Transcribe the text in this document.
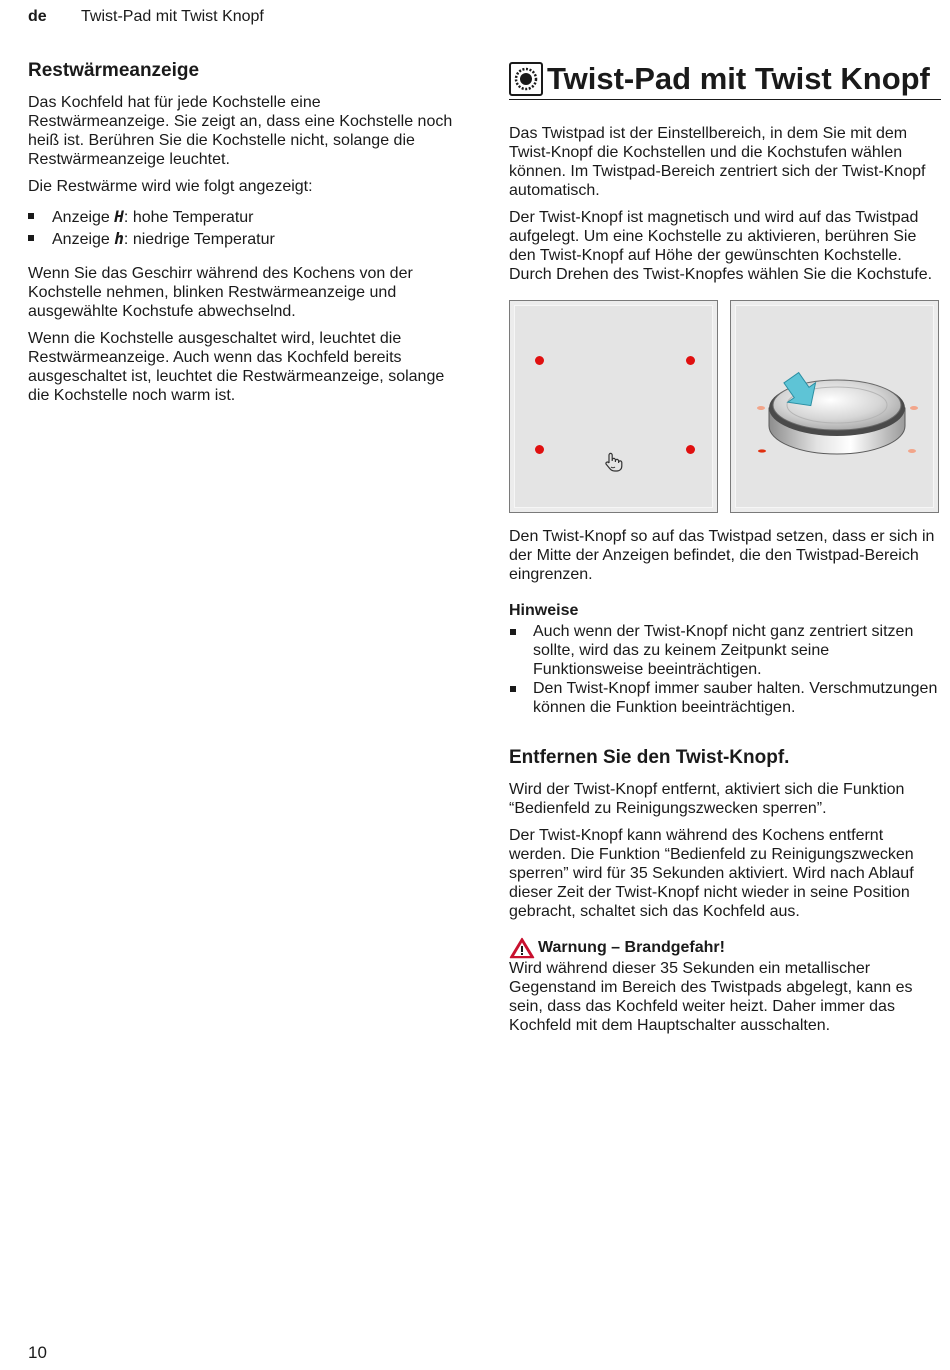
de Twist-Pad mit Twist Knopf
Restwärmeanzeige

Das Kochfeld hat für jede Kochstelle eine Restwärmeanzeige. Sie zeigt an, dass eine Kochstelle noch heiß ist. Berühren Sie die Kochstelle nicht, solange die Restwärmeanzeige leuchtet.

Die Restwärme wird wie folgt angezeigt:

Anzeige H: hohe Temperatur
Anzeige h: niedrige Temperatur

Wenn Sie das Geschirr während des Kochens von der Kochstelle nehmen, blinken Restwärmeanzeige und ausgewählte Kochstufe abwechselnd.

Wenn die Kochstelle ausgeschaltet wird, leuchtet die Restwärmeanzeige. Auch wenn das Kochfeld bereits ausgeschaltet ist, leuchtet die Restwärmeanzeige, solange die Kochstelle noch warm ist.

Twist-Pad mit Twist Knopf

Das Twistpad ist der Einstellbereich, in dem Sie mit dem Twist-Knopf die Kochstellen und die Kochstufen wählen können. Im Twistpad-Bereich zentriert sich der Twist-Knopf automatisch.

Der Twist-Knopf ist magnetisch und wird auf das Twistpad aufgelegt. Um eine Kochstelle zu aktivieren, berühren Sie den Twist-Knopf auf Höhe der gewünschten Kochstelle. Durch Drehen des Twist-Knopfes wählen Sie die Kochstufe.

Den Twist-Knopf so auf das Twistpad setzen, dass er sich in der Mitte der Anzeigen befindet, die den Twistpad-Bereich eingrenzen.

Hinweise
Auch wenn der Twist-Knopf nicht ganz zentriert sitzen sollte, wird das zu keinem Zeitpunkt seine Funktionsweise beeinträchtigen.
Den Twist-Knopf immer sauber halten. Verschmutzungen können die Funktion beeinträchtigen.
Entfernen Sie den Twist-Knopf.

Wird der Twist-Knopf entfernt, aktiviert sich die Funktion “Bedienfeld zu Reinigungszwecken sperren”.

Der Twist-Knopf kann während des Kochens entfernt werden. Die Funktion “Bedienfeld zu Reinigungszwecken sperren” wird für 35 Sekunden aktiviert. Wird nach Ablauf dieser Zeit der Twist-Knopf nicht wieder in seine Position gebracht, schaltet sich das Kochfeld aus.

Warnung – Brandgefahr!

Wird während dieser 35 Sekunden ein metallischer Gegenstand im Bereich des Twistpads abgelegt, kann es sein, dass das Kochfeld weiter heizt. Daher immer das Kochfeld mit dem Hauptschalter ausschalten.

10
